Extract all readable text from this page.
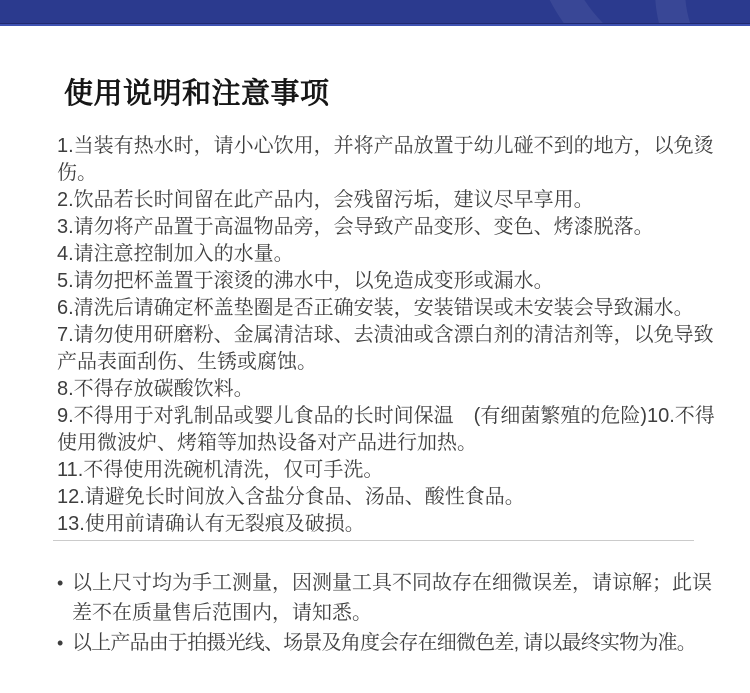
使用说明和注意事项

1.当装有热水时，请小心饮用，并将产品放置于幼儿碰不到的地方，以免烫伤。

2.饮品若长时间留在此产品内，会残留污垢，建议尽早享用。

3.请勿将产品置于高温物品旁，会导致产品变形、变色、烤漆脱落。

4.请注意控制加入的水量。

5.请勿把杯盖置于滚烫的沸水中，以免造成变形或漏水。

6.清洗后请确定杯盖垫圈是否正确安装，安装错误或未安装会导致漏水。

7.请勿使用研磨粉、金属清洁球、去渍油或含漂白剂的清洁剂等，以免导致产品表面刮伤、生锈或腐蚀。

8.不得存放碳酸饮料。

9.不得用于对乳制品或婴儿食品的长时间保温　(有细菌繁殖的危险)10.不得使用微波炉、烤箱等加热设备对产品进行加热。

11.不得使用洗碗机清洗，仅可手洗。

12.请避免长时间放入含盐分食品、汤品、酸性食品。

13.使用前请确认有无裂痕及破损。

• 以上尺寸均为手工测量，因测量工具不同故存在细微误差，请谅解；此误差不在质量售后范围内，请知悉。
• 以上产品由于拍摄光线、场景及角度会存在细微色差, 请以最终实物为准。
